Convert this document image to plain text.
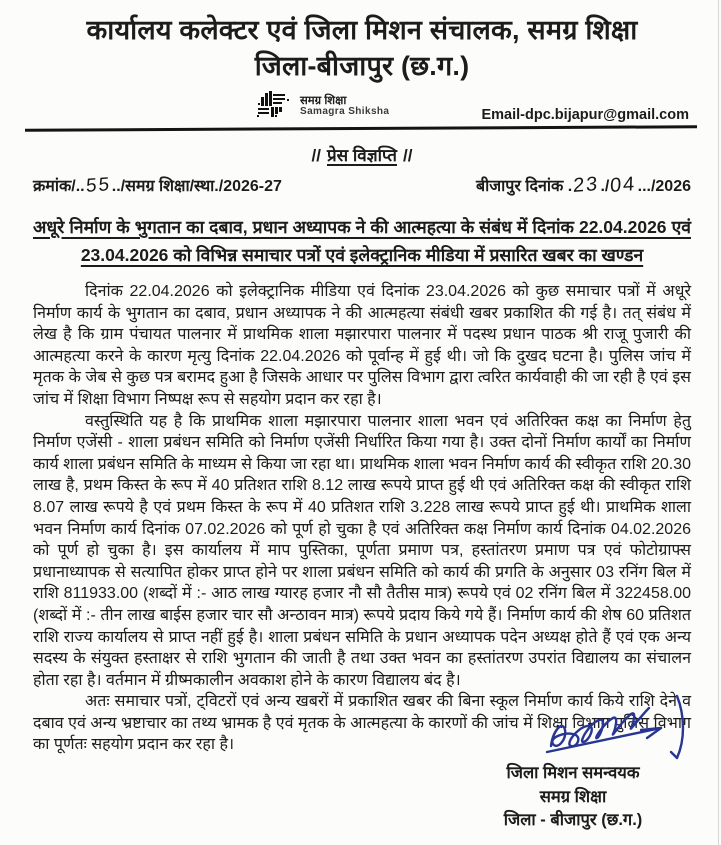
कार्यालय कलेक्टर एवं जिला मिशन संचालक, समग्र शिक्षा
जिला-बीजापुर (छ.ग.)
समग्र शिक्षा
Samagra Shiksha	Email-dpc.bijapur@gmail.com
// प्रेस विज्ञप्ति //
क्रमांक/..55../समग्र शिक्षा/स्था./2026-27	बीजापुर दिनांक .23./04.../2026
अधूरे निर्माण के भुगतान का दबाव, प्रधान अध्यापक ने की आत्महत्या के संबंध में दिनांक 22.04.2026 एवं 23.04.2026 को विभिन्न समाचार पत्रों एवं इलेक्ट्रानिक मीडिया में प्रसारित खबर का खण्डन

दिनांक 22.04.2026 को इलेक्ट्रानिक मीडिया एवं दिनांक 23.04.2026 को कुछ समाचार पत्रों में अधूरे निर्माण कार्य के भुगतान का दबाव, प्रधान अध्यापक ने की आत्महत्या संबंधी खबर प्रकाशित की गई है। तत् संबंध में लेख है कि ग्राम पंचायत पालनार में प्राथमिक शाला मझारपारा पालनार में पदस्थ प्रधान पाठक श्री राजू पुजारी की आत्महत्या करने के कारण मृत्यु दिनांक 22.04.2026 को पूर्वान्ह में हुई थी। जो कि दुखद घटना है। पुलिस जांच में मृतक के जेब से कुछ पत्र बरामद हुआ है जिसके आधार पर पुलिस विभाग द्वारा त्वरित कार्यवाही की जा रही है एवं इस जांच में शिक्षा विभाग निष्पक्ष रूप से सहयोग प्रदान कर रहा है।

वस्तुस्थिति यह है कि प्राथमिक शाला मझारपारा पालनार शाला भवन एवं अतिरिक्त कक्ष का निर्माण हेतु निर्माण एजेंसी - शाला प्रबंधन समिति को निर्माण एजेंसी निर्धारित किया गया है। उक्त दोनों निर्माण कार्यों का निर्माण कार्य शाला प्रबंधन समिति के माध्यम से किया जा रहा था। प्राथमिक शाला भवन निर्माण कार्य की स्वीकृत राशि 20.30 लाख है, प्रथम किस्त के रूप में 40 प्रतिशत राशि 8.12 लाख रूपये प्राप्त हुई थी एवं अतिरिक्त कक्ष की स्वीकृत राशि 8.07 लाख रूपये है एवं प्रथम किस्त के रूप में 40 प्रतिशत राशि 3.228 लाख रूपये प्राप्त हुई थी। प्राथमिक शाला भवन निर्माण कार्य दिनांक 07.02.2026 को पूर्ण हो चुका है एवं अतिरिक्त कक्ष निर्माण कार्य दिनांक 04.02.2026 को पूर्ण हो चुका है। इस कार्यालय में माप पुस्तिका, पूर्णता प्रमाण पत्र, हस्तांतरण प्रमाण पत्र एवं फोटोग्राफ्स प्रधानाध्यापक से सत्यापित होकर प्राप्त होने पर शाला प्रबंधन समिति को कार्य की प्रगति के अनुसार 03 रनिंग बिल में राशि 811933.00 (शब्दों में :- आठ लाख ग्यारह हजार नौ सौ तैतीस मात्र) रूपये एवं 02 रनिंग बिल में 322458.00 (शब्दों में :- तीन लाख बाईस हजार चार सौ अन्ठावन मात्र) रूपये प्रदाय किये गये हैं। निर्माण कार्य की शेष 60 प्रतिशत राशि राज्य कार्यालय से प्राप्त नहीं हुई है। शाला प्रबंधन समिति के प्रधान अध्यापक पदेन अध्यक्ष होते हैं एवं एक अन्य सदस्य के संयुक्त हस्ताक्षर से राशि भुगतान की जाती है तथा उक्त भवन का हस्तांतरण उपरांत विद्यालय का संचालन होता रहा है। वर्तमान में ग्रीष्मकालीन अवकाश होने के कारण विद्यालय बंद है।

अतः समाचार पत्रों, ट्विटरों एवं अन्य खबरों में प्रकाशित खबर की बिना स्कूल निर्माण कार्य किये राशि देने व दबाव एवं अन्य भ्रष्टाचार का तथ्य भ्रामक है एवं मृतक के आत्महत्या के कारणों की जांच में शिक्षा विभाग पुलिस विभाग का पूर्णतः सहयोग प्रदान कर रहा है।

जिला मिशन समन्वयक
समग्र शिक्षा
जिला - बीजापुर (छ.ग.)
